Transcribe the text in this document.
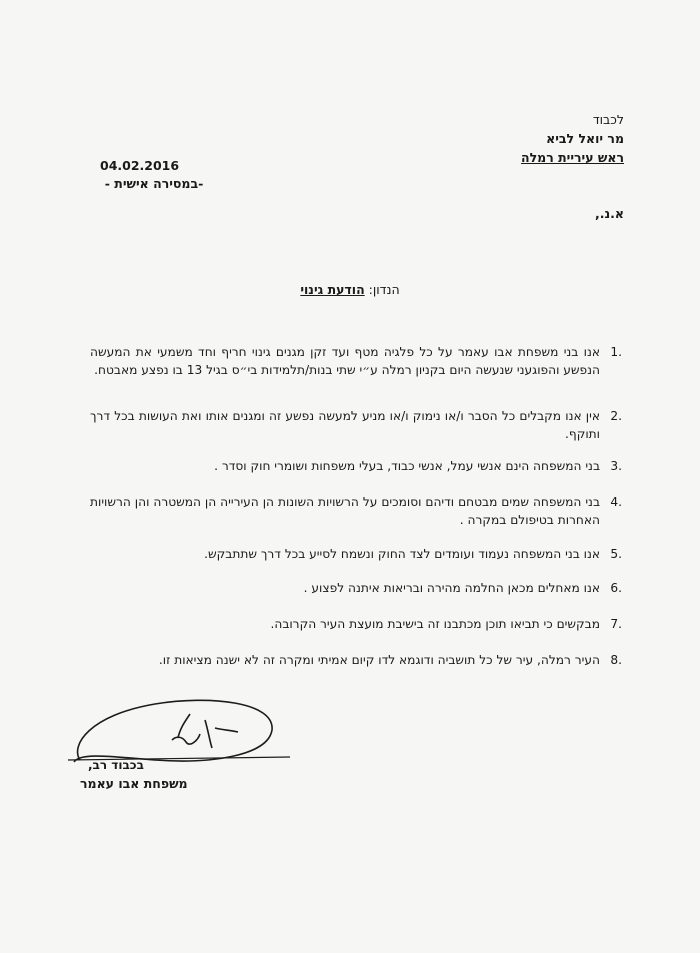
לכבוד
מר יואל לביא
ראש עיריית רמלה
04.02.2016
-במסירה אישית -
א.נ.,
הנדון: הודעת גינוי
1.
אנו בני משפחת אבו עאמר על כל פלגיה מטף ועד זקן מגנים גינוי חריף וחד משמעי את המעשה הנפשע והפוגעני שנעשה היום בקניון רמלה ע״י שתי בנות/תלמידות בי״ס בגיל 13 בו נפצע מאבטח.
2.
אין אנו מקבלים כל הסבר ו/או נימוק ו/או מניע למעשה נפשע זה ומגנים אותו ואת העושות בכל דרך ותוקף.
3.
בני המשפחה הינם אנשי עמל, אנשי כבוד, בעלי משפחות ושומרי חוק וסדר .
4.
בני המשפחה שמים מבטחם ודיהם וסומכים על הרשויות השונות הן העירייה הן המשטרה והן הרשויות האחרות בטיפולם במקרה .
5.
אנו בני המשפחה נעמוד ועומדים לצד החוק ונשמח לסייע בכל דרך שתתבקש.
6.
אנו מאחלים מכאן החלמה מהירה ובריאות איתנה לפצוע .
7.
מבקשים כי תביאו תוכן מכתבנו זה בישיבת מועצת העיר הקרובה.
8.
העיר רמלה, עיר של כל תושביה ודוגמא לדו קיום אמיתי ומקרה זה לא ישנה מציאות זו.
בכבוד רב,
משפחת אבו עאמר
